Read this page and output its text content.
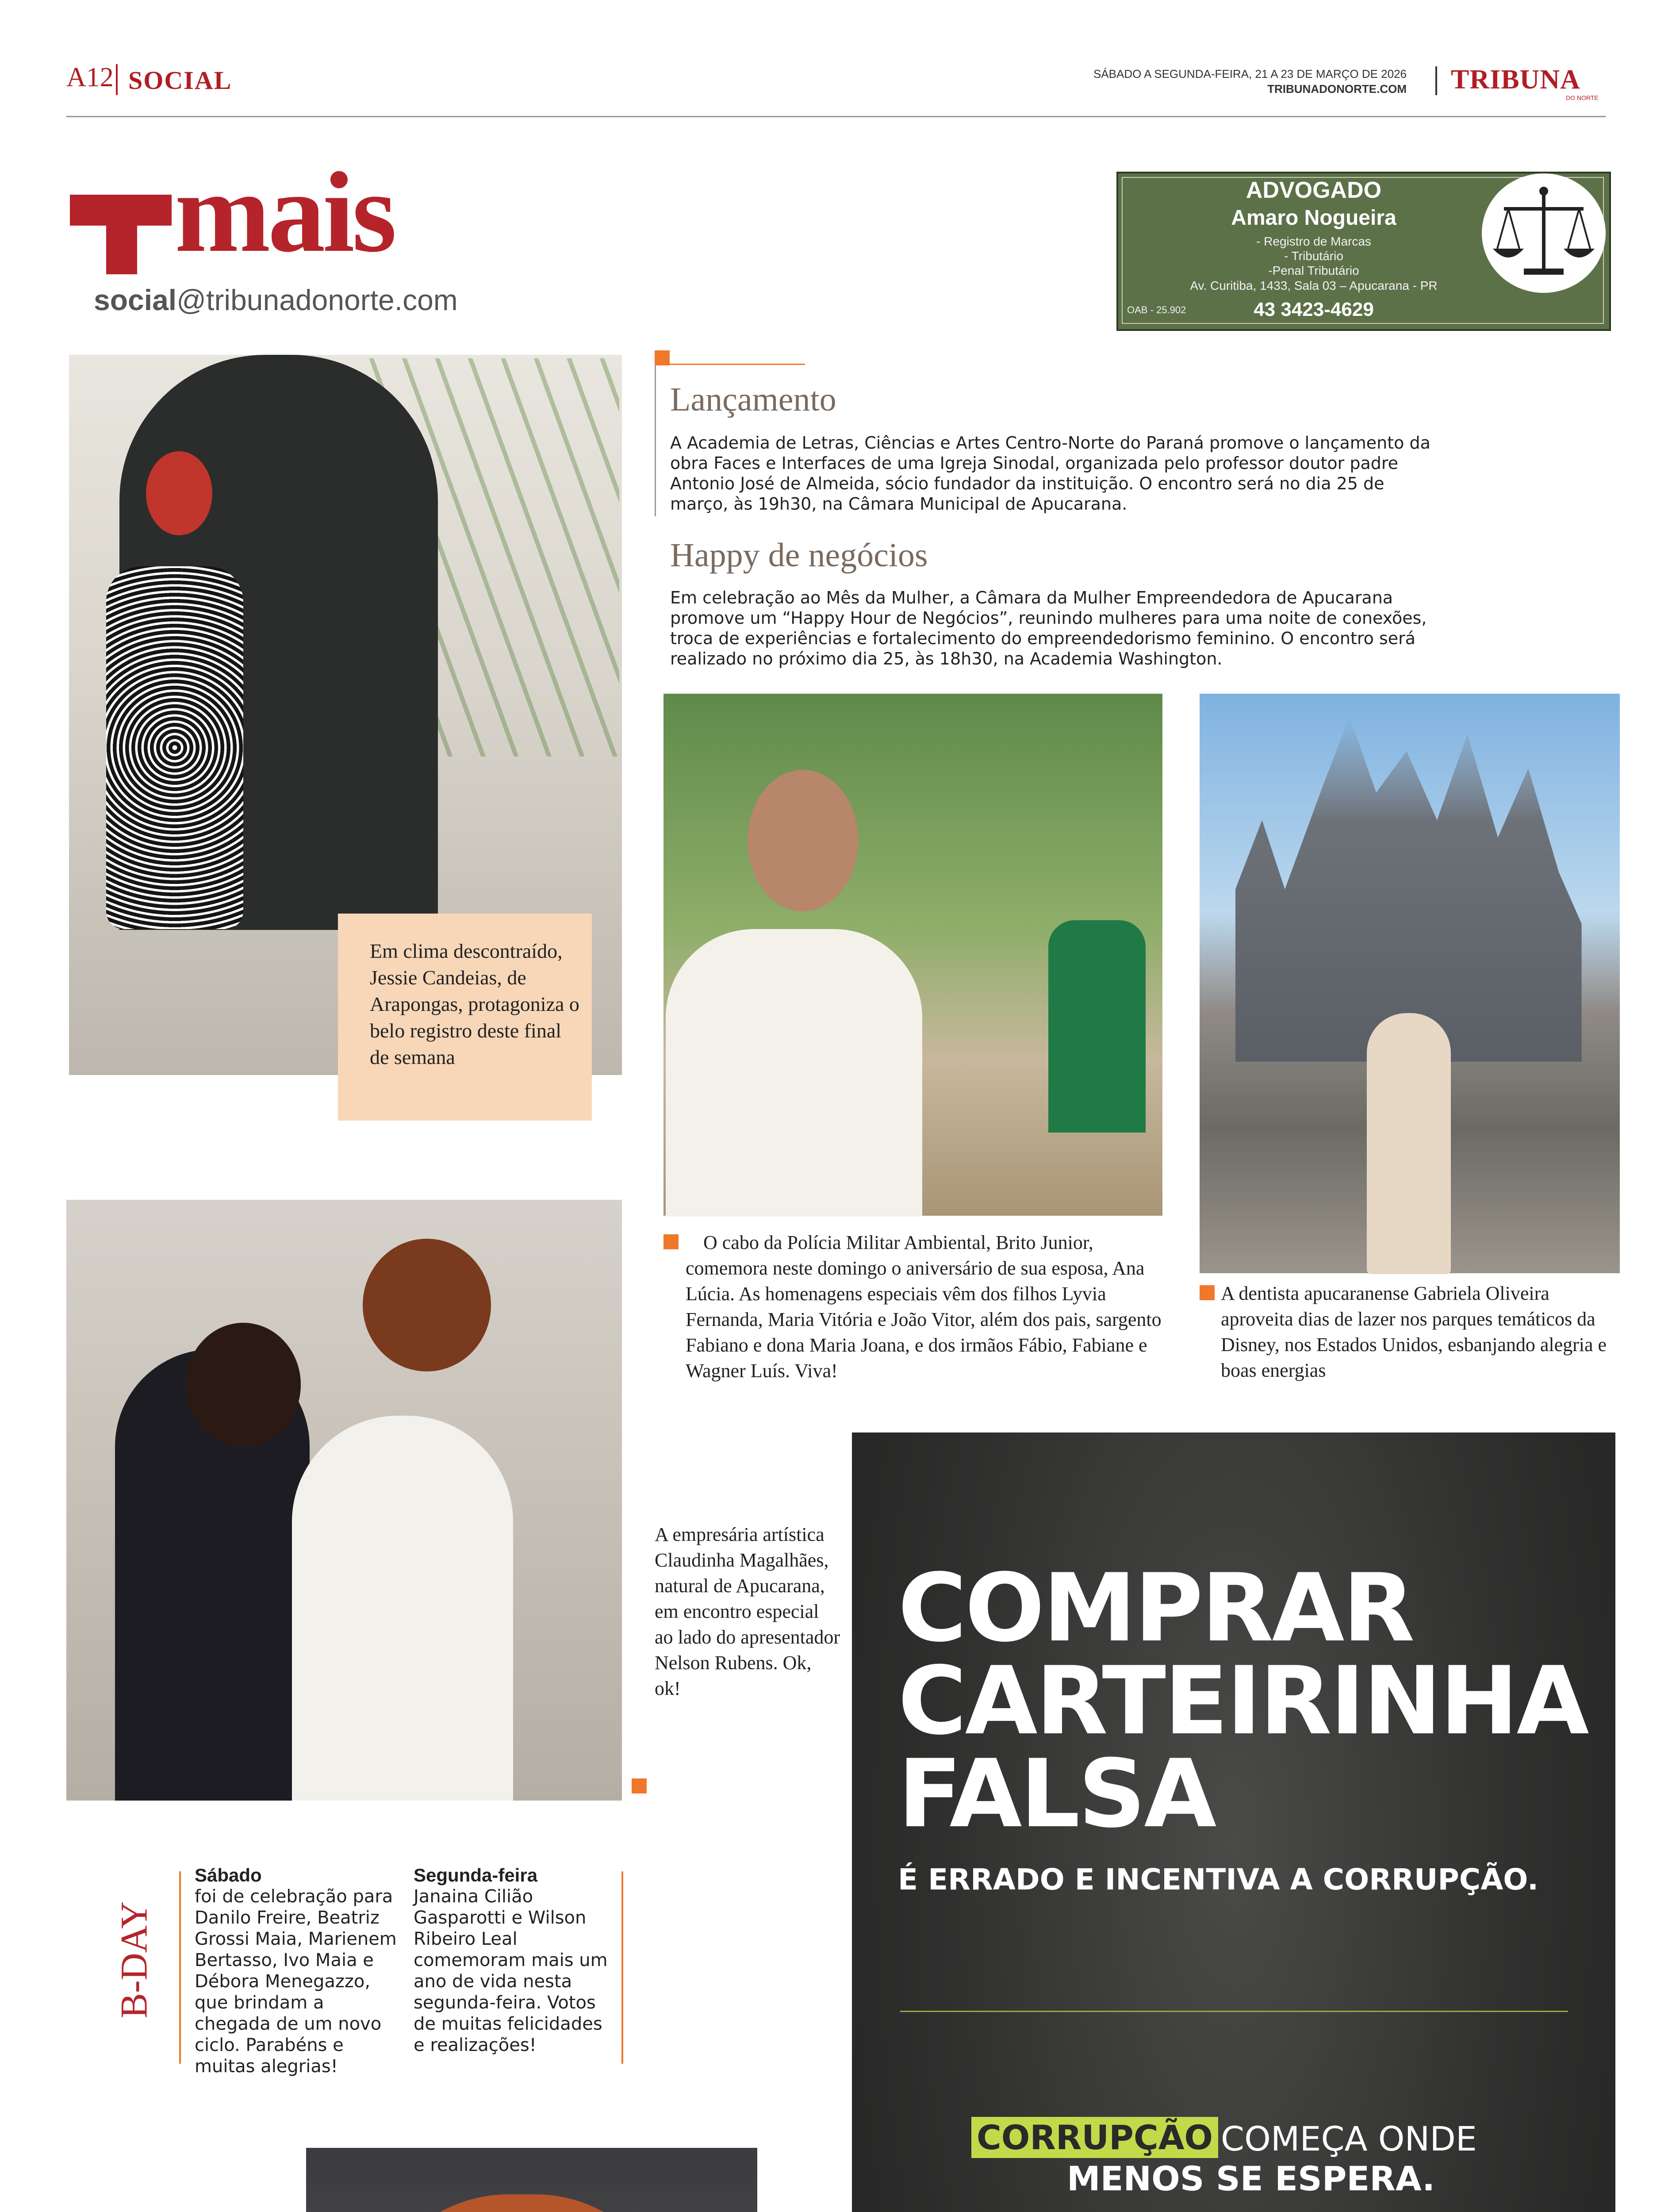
A12 SOCIAL	SÁBADO A SEGUNDA-FEIRA, 21 A 23 DE MARÇO DE 2026
TRIBUNADONORTE.COM TRIBUNA
DO NORTE
mais
social@tribunadonorte.com
ADVOGADO
Amaro Nogueira
- Registro de Marcas
- Tributário
-Penal Tributário
Av. Curitiba, 1433, Sala 03 – Apucarana - PR
43 3423-4629
OAB - 25.902
Em clima descontraído, Jessie Candeias, de Arapongas, protagoniza o belo registro deste final de semana
Lançamento
A Academia de Letras, Ciências e Artes Centro-Norte do Paraná promove o lançamento da obra Faces e Interfaces de uma Igreja Sinodal, organizada pelo professor doutor padre Antonio José de Almeida, sócio fundador da instituição. O encontro será no dia 25 de março, às 19h30, na Câmara Municipal de Apucarana.
Happy de negócios
Em celebração ao Mês da Mulher, a Câmara da Mulher Empreendedora de Apucarana promove um “Happy Hour de Negócios”, reunindo mulheres para uma noite de conexões, troca de experiências e fortalecimento do empreendedorismo feminino. O encontro será realizado no próximo dia 25, às 18h30, na Academia Washington.
O cabo da Polícia Militar Ambiental, Brito Junior, comemora neste domingo o aniversário de sua esposa, Ana Lúcia. As homenagens especiais vêm dos filhos Lyvia Fernanda, Maria Vitória e João Vitor, além dos pais, sargento Fabiano e dona Maria Joana, e dos irmãos Fábio, Fabiane e Wagner Luís. Viva!
A dentista apucaranense Gabriela Oliveira aproveita dias de lazer nos parques temáticos da Disney, nos Estados Unidos, esbanjando alegria e boas energias
A empresária artística Claudinha Magalhães, natural de Apucarana, em encontro especial ao lado do apresentador Nelson Rubens. Ok, ok!
B-DAY
Sábado
foi de celebração para Danilo Freire, Beatriz Grossi Maia, Marienem Bertasso, Ivo Maia e Débora Menegazzo, que brindam a chegada de um novo ciclo. Parabéns e muitas alegrias!
Segunda-feira
Janaina Cilião Gasparotti e Wilson Ribeiro Leal comemoram mais um ano de vida nesta segunda-feira. Votos de muitas felicidades e realizações!
COMPRAR
CARTEIRINHA
FALSA
É ERRADO E INCENTIVA A CORRUPÇÃO.
CORRUPÇÃO COMEÇA ONDE
MENOS SE ESPERA.
